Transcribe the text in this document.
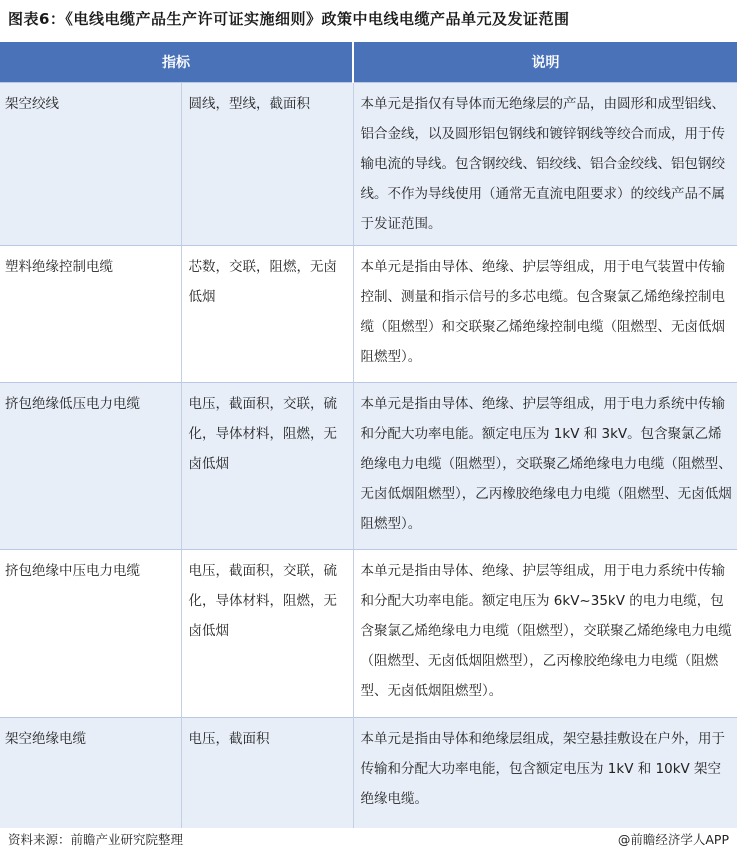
图表6：《电线电缆产品生产许可证实施细则》政策中电线电缆产品单元及发证范围
指标		说明
架空绞线	圆线，型线，截面积	本单元是指仅有导体而无绝缘层的产品，由圆形和成型铝线、铝合金线，以及圆形铝包钢线和镀锌钢线等绞合而成，用于传输电流的导线。包含钢绞线、铝绞线、铝合金绞线、铝包钢绞线。不作为导线使用（通常无直流电阻要求）的绞线产品不属于发证范围。
塑料绝缘控制电缆	芯数，交联，阻燃，无卤低烟	本单元是指由导体、绝缘、护层等组成，用于电气装置中传输控制、测量和指示信号的多芯电缆。包含聚氯乙烯绝缘控制电缆（阻燃型）和交联聚乙烯绝缘控制电缆（阻燃型、无卤低烟阻燃型）。
挤包绝缘低压电力电缆	电压，截面积，交联，硫化，导体材料，阻燃，无卤低烟	本单元是指由导体、绝缘、护层等组成，用于电力系统中传输和分配大功率电能。额定电压为 1kV 和 3kV。包含聚氯乙烯绝缘电力电缆（阻燃型），交联聚乙烯绝缘电力电缆（阻燃型、无卤低烟阻燃型），乙丙橡胶绝缘电力电缆（阻燃型、无卤低烟阻燃型）。
挤包绝缘中压电力电缆	电压，截面积，交联，硫化，导体材料，阻燃，无卤低烟	本单元是指由导体、绝缘、护层等组成，用于电力系统中传输和分配大功率电能。额定电压为 6kV~35kV 的电力电缆，包含聚氯乙烯绝缘电力电缆（阻燃型），交联聚乙烯绝缘电力电缆（阻燃型、无卤低烟阻燃型），乙丙橡胶绝缘电力电缆（阻燃型、无卤低烟阻燃型）。
架空绝缘电缆	电压，截面积	本单元是指由导体和绝缘层组成，架空悬挂敷设在户外，用于传输和分配大功率电能，包含额定电压为 1kV 和 10kV 架空绝缘电缆。
资料来源：前瞻产业研究院整理	@前瞻经济学人APP
